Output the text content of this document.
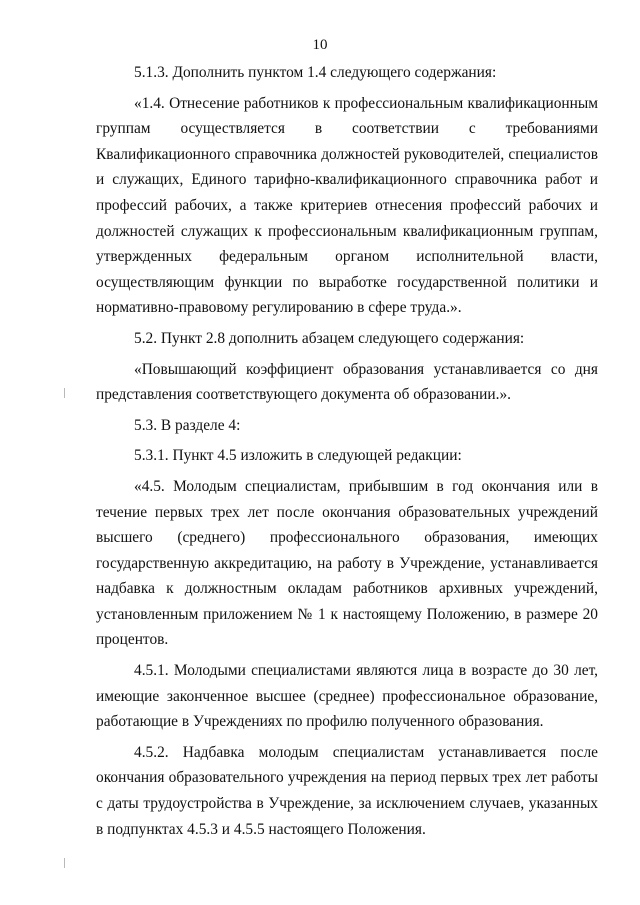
10

5.1.3. Дополнить пунктом 1.4 следующего содержания:

«1.4. Отнесение работников к профессиональным квалификационным группам осуществляется в соответствии с требованиями Квалификационного справочника должностей руководителей, специалистов и служащих, Единого тарифно-квалификационного справочника работ и профессий рабочих, а также критериев отнесения профессий рабочих и должностей служащих к профессиональным квалификационным группам, утвержденных федеральным органом исполнительной власти, осуществляющим функции по выработке государственной политики и нормативно-правовому регулированию в сфере труда.».

5.2. Пункт 2.8 дополнить абзацем следующего содержания:

«Повышающий коэффициент образования устанавливается со дня представления соответствующего документа об образовании.».

5.3. В разделе 4:

5.3.1. Пункт 4.5 изложить в следующей редакции:

«4.5. Молодым специалистам, прибывшим в год окончания или в течение первых трех лет после окончания образовательных учреждений высшего (среднего) профессионального образования, имеющих государственную аккредитацию, на работу в Учреждение, устанавливается надбавка к должностным окладам работников архивных учреждений, установленным приложением № 1 к настоящему Положению, в размере 20 процентов.

4.5.1. Молодыми специалистами являются лица в возрасте до 30 лет, имеющие законченное высшее (среднее) профессиональное образование, работающие в Учреждениях по профилю полученного образования.

4.5.2. Надбавка молодым специалистам устанавливается после окончания образовательного учреждения на период первых трех лет работы с даты трудоустройства в Учреждение, за исключением случаев, указанных в подпунктах 4.5.3 и 4.5.5 настоящего Положения.
